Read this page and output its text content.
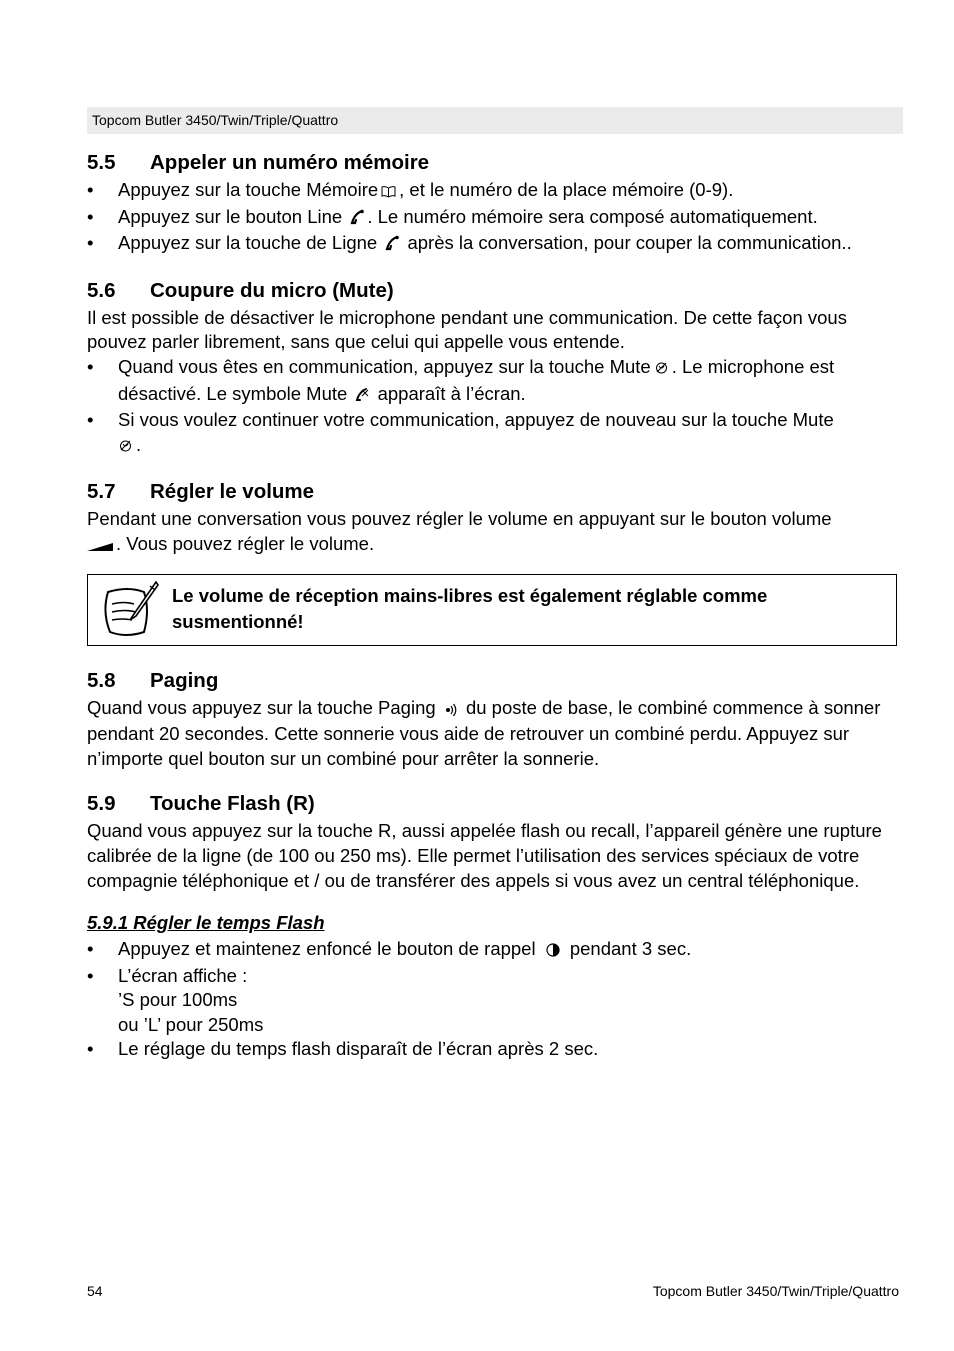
Topcom Butler 3450/Twin/Triple/Quattro
5.5 Appeler un numéro mémoire
• Appuyez sur la touche Mémoire , et le numéro de la place mémoire (0-9).
• Appuyez sur le bouton Line . Le numéro mémoire sera composé automatiquement.
• Appuyez sur la touche de Ligne après la conversation, pour couper la communication..
5.6 Coupure du micro (Mute)

Il est possible de désactiver le microphone pendant une communication. De cette façon vous pouvez parler librement, sans que celui qui appelle vous entende.

• Quand vous êtes en communication, appuyez sur la touche Mute . Le microphone est désactivé. Le symbole Mute apparaît à l’écran.
• Si vous voulez continuer votre communication, appuyez de nouveau sur la touche Mute
.
5.7 Régler le volume

Pendant une conversation vous pouvez régler le volume en appuyant sur le bouton volume
. Vous pouvez régler le volume.

Le volume de réception mains-libres est également réglable comme susmentionné!
5.8 Paging

Quand vous appuyez sur la touche Paging du poste de base, le combiné commence à sonner pendant 20 secondes. Cette sonnerie vous aide de retrouver un combiné perdu. Appuyez sur n’importe quel bouton sur un combiné pour arrêter la sonnerie.

5.9 Touche Flash (R)

Quand vous appuyez sur la touche R, aussi appelée flash ou recall, l’appareil génère une rupture calibrée de la ligne (de 100 ou 250 ms). Elle permet l’utilisation des services spéciaux de votre compagnie téléphonique et / ou de transférer des appels si vous avez un central téléphonique.

5.9.1 Régler le temps Flash
• Appuyez et maintenez enfoncé le bouton de rappel pendant 3 sec.
• L’écran affiche :
’S pour 100ms
ou ’L’ pour 250ms
• Le réglage du temps flash disparaît de l’écran après 2 sec.
54	Topcom Butler 3450/Twin/Triple/Quattro
